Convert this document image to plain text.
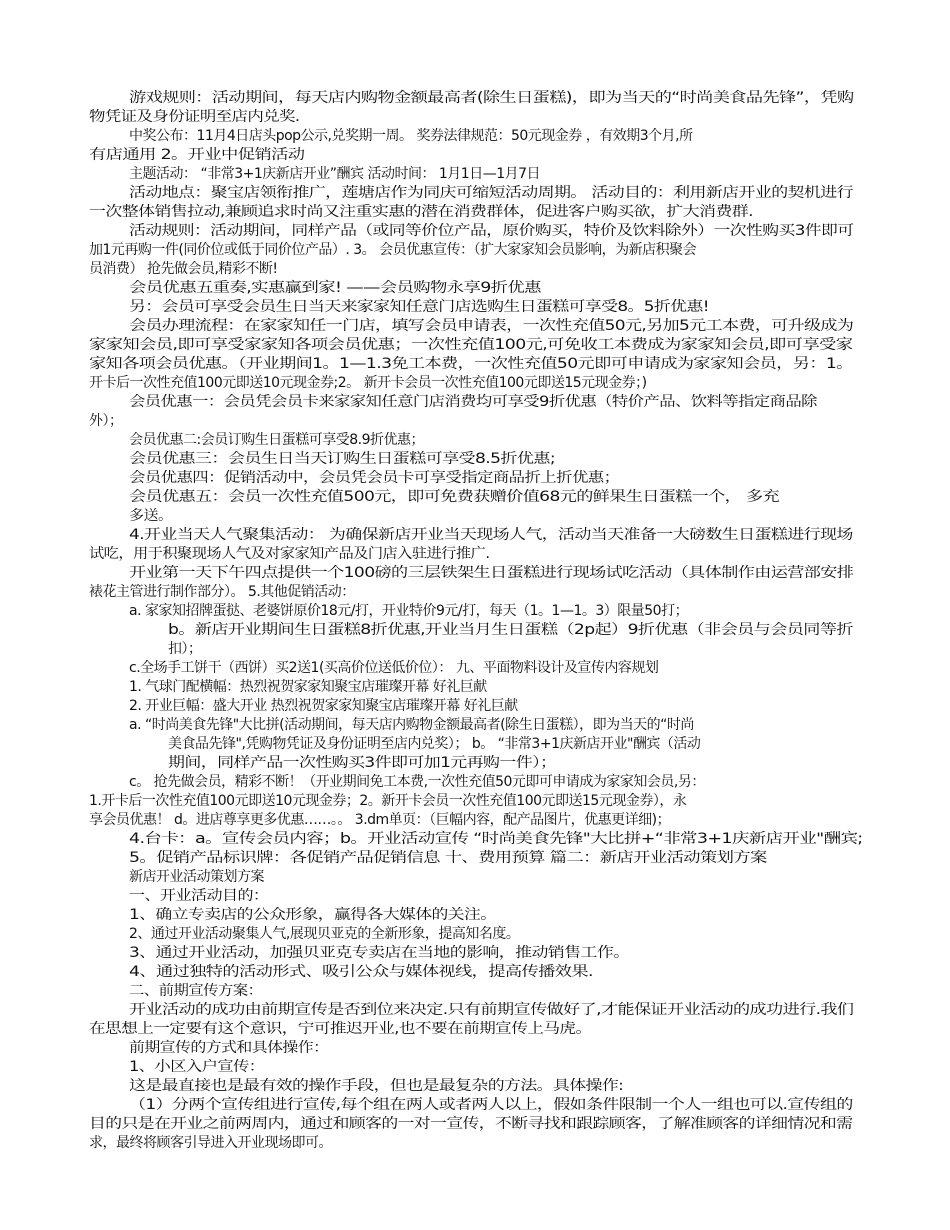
游戏规则：活动期间，每天店内购物金额最高者(除生日蛋糕)，即为当天的“时尚美食品先锋”，凭购

物凭证及身份证明至店内兑奖.

中奖公布：11月4日店头pop公示,兑奖期一周。 奖券法律规范：50元现金券 ，有效期3个月,所

有店通用 2。开业中促销活动

主题活动： “非常3+1庆新店开业”酬宾 活动时间： 1月1日—1月7日

活动地点：聚宝店领衔推广，莲塘店作为同庆可缩短活动周期。 活动目的：利用新店开业的契机进行

一次整体销售拉动,兼顾追求时尚又注重实惠的潜在消费群体，促进客户购买欲，扩大消费群.

活动规则：活动期间，同样产品（或同等价位产品，原价购买，特价及饮料除外）一次性购买3件即可

加1元再购一件(同价位或低于同价位产品）. 3。 会员优惠宣传：（扩大家家知会员影响，为新店积聚会

员消费） 抢先做会员,精彩不断!

会员优惠五重奏,实惠赢到家! ——会员购物永享9折优惠

另：会员可享受会员生日当天来家家知任意门店选购生日蛋糕可享受8。5折优惠!

会员办理流程：在家家知任一门店，填写会员申请表，一次性充值50元,另加5元工本费，可升级成为

家家知会员,即可享受家家知各项会员优惠；一次性充值100元,可免收工本费成为家家知会员,即可享受家

家知各项会员优惠。（开业期间1。1—1.3免工本费，一次性充值50元即可申请成为家家知会员，另：1。

开卡后一次性充值100元即送10元现金券;2。 新开卡会员一次性充值100元即送15元现金券；)

会员优惠一：会员凭会员卡来家家知任意门店消费均可享受9折优惠（特价产品、饮料等指定商品除

外）；

会员优惠二:会员订购生日蛋糕可享受8.9折优惠；

会员优惠三：会员生日当天订购生日蛋糕可享受8.5折优惠;

会员优惠四：促销活动中，会员凭会员卡可享受指定商品折上折优惠；

会员优惠五：会员一次性充值500元，即可免费获赠价值68元的鲜果生日蛋糕一个， 多充

多送。

4.开业当天人气聚集活动： 为确保新店开业当天现场人气，活动当天准备一大磅数生日蛋糕进行现场

试吃，用于积聚现场人气及对家家知产品及门店入驻进行推广.

开业第一天下午四点提供一个100磅的三层铁架生日蛋糕进行现场试吃活动（具体制作由运营部安排

裱花主管进行制作部分）。 5.其他促销活动：

a. 家家知招牌蛋挞、老婆饼原价18元/打，开业特价9元/打，每天（1。1—1。3）限量50打；

b。新店开业期间生日蛋糕8折优惠,开业当月生日蛋糕（2p起）9折优惠（非会员与会员同等折

扣）；

c.全场手工饼干（西饼）买2送1(买高价位送低价位）： 九、平面物料设计及宣传内容规划

1. 气球门配横幅：热烈祝贺家家知聚宝店璀璨开幕 好礼巨献

2. 开业巨幅：盛大开业 热烈祝贺家家知聚宝店璀璨开幕 好礼巨献

a. “时尚美食先锋"大比拼(活动期间，每天店内购物金额最高者(除生日蛋糕），即为当天的“时尚

美食品先锋",凭购物凭证及身份证明至店内兑奖）； b。 “非常3+1庆新店开业"酬宾（活动

期间，同样产品一次性购买3件即可加1元再购一件）；

c。 抢先做会员，精彩不断！（开业期间免工本费,一次性充值50元即可申请成为家家知会员,另：

1.开卡后一次性充值100元即送10元现金券；2。新开卡会员一次性充值100元即送15元现金券），永

享会员优惠！ d。进店尊享更多优惠……。。 3.dm单页：（巨幅内容，配产品图片，优惠更详细)；

4.台卡：a。宣传会员内容；b。开业活动宣传 “时尚美食先锋"大比拼+“非常3+1庆新店开业"酬宾;

5。促销产品标识牌：各促销产品促销信息 十、费用预算 篇二：新店开业活动策划方案

新店开业活动策划方案

一、开业活动目的：

1、确立专卖店的公众形象，赢得各大媒体的关注。

2、通过开业活动聚集人气,展现贝亚克的全新形象，提高知名度。

3、通过开业活动，加强贝亚克专卖店在当地的影响，推动销售工作。

4、通过独特的活动形式、吸引公众与媒体视线，提高传播效果.

二、前期宣传方案：

开业活动的成功由前期宣传是否到位来决定.只有前期宣传做好了,才能保证开业活动的成功进行.我们

在思想上一定要有这个意识，宁可推迟开业,也不要在前期宣传上马虎。

前期宣传的方式和具体操作：

1、小区入户宣传：

这是最直接也是最有效的操作手段，但也是最复杂的方法。具体操作:

（1）分两个宣传组进行宣传,每个组在两人或者两人以上，假如条件限制一个人一组也可以.宣传组的

目的只是在开业之前两周内，通过和顾客的一对一宣传，不断寻找和跟踪顾客，了解准顾客的详细情况和需

求，最终将顾客引导进入开业现场即可。
